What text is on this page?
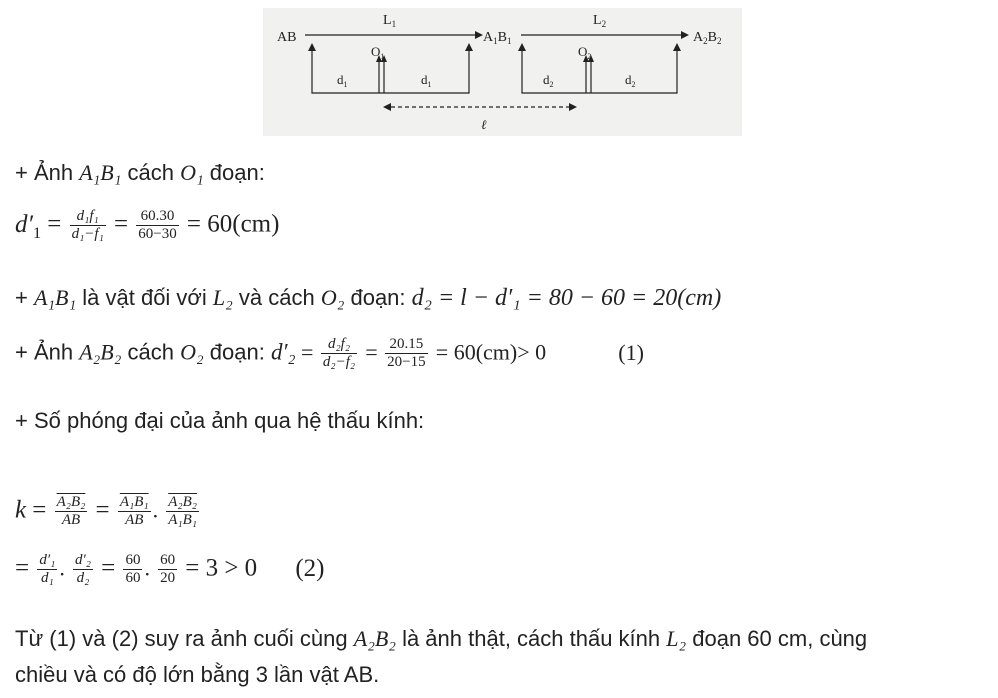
AB
$L_1$
$A_1B_1$
$L_2$
$A_2B_2$
$O_1$	$O_2$
$d_1$	$d_1$	$d_2$	$d_2$
ℓ
+ Ảnh A₁B₁ cách O₁ đoạn:
$d'_1 = \frac{\text{d₁f₁}}{\text{d₁−f₁}} = \frac{60.30}{60-30} = 60(cm)$
+ A₁B₁ là vật đối với L₂ và cách O₂ đoạn: d₂ = l − d′₁ = 80 − 60 = 20(cm)
+ Ảnh A₂B₂ cách O₂ đoạn: $d'_2 = \frac{\text{d₂f₂}}{\text{d₂−f₂}} = \frac{20.15}{20-15} = 60(cm)> 0$	(1)
+ Số phóng đại của ảnh qua hệ thấu kính:
$k = \frac{\text{A₂B₂}}{AB} = \frac{\text{A₁B₁}}{AB}$ . $\frac{\text{A₂B₂}}{\text{A₁B₁}}$
= $\frac{\text{d′₁}}{\text{d₁}}$ . $\frac{\text{d′₂}}{\text{d₂}} = \frac{60}{60}$ . $\frac{60}{20} = 3 > 0$ (2)
Từ (1) và (2) suy ra ảnh cuối cùng A₂B₂ là ảnh thật, cách thấu kính L₂ đoạn 60 cm, cùng
chiều và có độ lớn bằng 3 lần vật AB.
